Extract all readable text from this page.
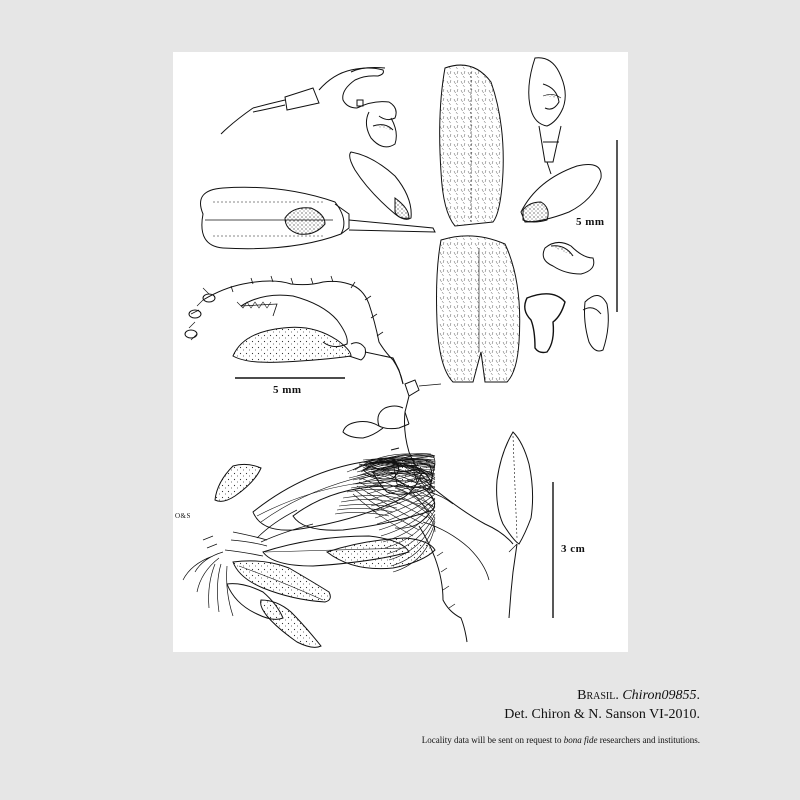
5 mm
5 mm
3 cm
O&S
Brasil. Chiron09855.
Det. Chiron & N. Sanson VI-2010.
Locality data will be sent on request to bona fide researchers and institutions.
